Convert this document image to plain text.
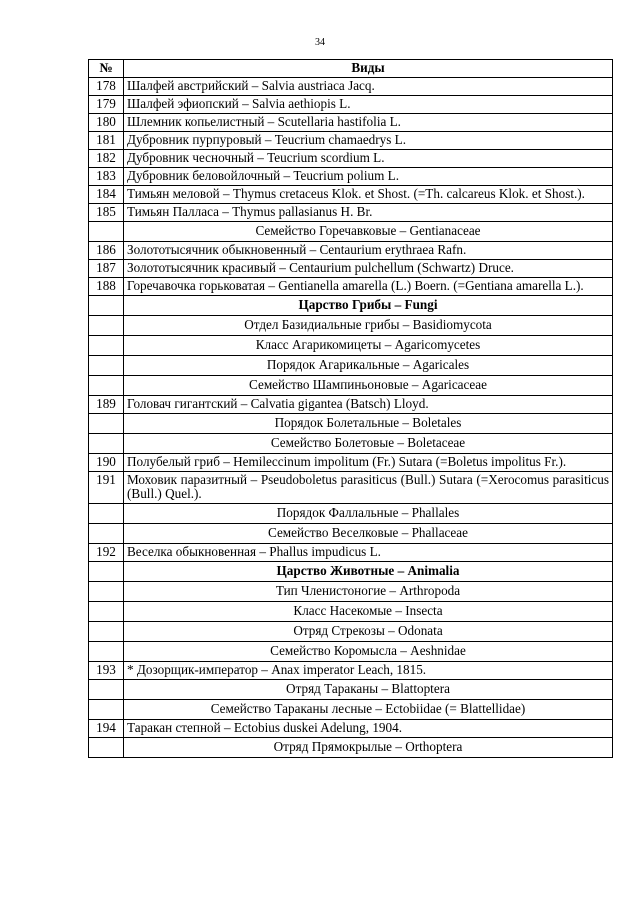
34
№	Виды
178	Шалфей австрийский – Salvia austriaca Jacq.
179	Шалфей эфиопский – Salvia aethiopis L.
180	Шлемник копьелистный – Scutellaria hastifolia L.
181	Дубровник пурпуровый – Teucrium chamaedrys L.
182	Дубровник чесночный – Teucrium scordium L.
183	Дубровник беловойлочный – Teucrium polium L.
184	Тимьян меловой – Thymus cretaceus Klok. et Shost. (=Th. calcareus Klok. et Shost.).
185	Тимьян Палласа – Thymus pallasianus H. Br.
	Семейство Горечавковые – Gentianaceae
186	Золототысячник обыкновенный – Centaurium erythraea Rafn.
187	Золототысячник красивый – Centaurium pulchellum (Schwartz) Druce.
188	Горечавочка горьковатая – Gentianella amarella (L.) Boern. (=Gentiana amarella L.).
	Царство Грибы – Fungi
	Отдел Базидиальные грибы – Basidiomycota
	Класс Агарикомицеты – Agaricomycetes
	Порядок Агарикальные – Agaricales
	Семейство Шампиньоновые – Agaricaceae
189	Головач гигантский – Calvatia gigantea (Batsch) Lloyd.
	Порядок Болетальные – Boletales
	Семейство Болетовые – Boletaceae
190	Полубелый гриб – Hemileccinum impolitum (Fr.) Sutara (=Boletus impolitus Fr.).
191	Моховик паразитный – Pseudoboletus parasiticus (Bull.) Sutara (=Xerocomus parasiticus (Bull.) Quel.).
	Порядок Фаллальные – Phallales
	Семейство Веселковые – Phallaceae
192	Веселка обыкновенная – Phallus impudicus L.
	Царство Животные – Animalia
	Тип Членистоногие – Arthropoda
	Класс Насекомые – Insecta
	Отряд Стрекозы – Odonata
	Семейство Коромысла – Aeshnidae
193	* Дозорщик-император – Anax imperator Leach, 1815.
	Отряд Тараканы – Blattoptera
	Семейство Тараканы лесные – Ectobiidae (= Blattellidae)
194	Таракан степной – Ectobius duskei Adelung, 1904.
	Отряд Прямокрылые – Orthoptera
